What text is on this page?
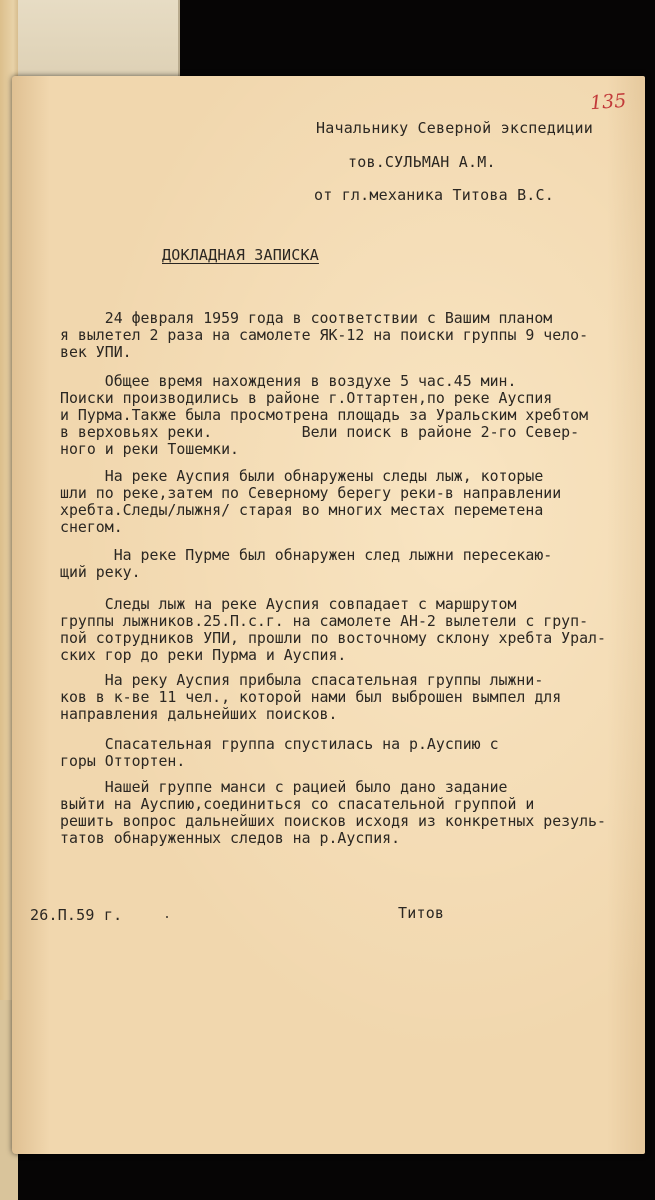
135
Начальнику Северной экспедиции
тов.СУЛЬМАН А.М.
от гл.механика Титова В.С.
ДОКЛАДНАЯ ЗАПИСКА
24 февраля 1959 года в соответствии с Вашим планом
я вылетел 2 раза на самолете ЯК-12 на поиски группы 9 чело-
век УПИ.
Общее время нахождения в воздухе 5 час.45 мин.
Поиски производились в районе г.Оттартен,по реке Ауспия
и Пурма.Также была просмотрена площадь за Уральским хребтом
в верховьях реки.          Вели поиск в районе 2-го Север-
ного и реки Тошемки.
На реке Ауспия были обнаружены следы лыж, которые
шли по реке,затем по Северному берегу реки-в направлении
хребта.Следы/лыжня/ старая во многих местах переметена
снегом.
На реке Пурме был обнаружен след лыжни пересекаю-
щий реку.
Следы лыж на реке Ауспия совпадает с маршрутом
группы лыжников.25.П.с.г. на самолете АН-2 вылетели с груп-
пой сотрудников УПИ, прошли по восточному склону хребта Урал-
ских гор до реки Пурма и Ауспия.
На реку Ауспия прибыла спасательная группы лыжни-
ков в к-ве 11 чел., которой нами был выброшен вымпел для
направления дальнейших поисков.
Спасательная группа спустилась на р.Ауспию с
горы Оттортен.
Нашей группе манси с рацией было дано задание
выйти на Ауспию,соединиться со спасательной группой и
решить вопрос дальнейших поисков исходя из конкретных резуль-
татов обнаруженных следов на р.Ауспия.
26.П.59 г.	Титов
